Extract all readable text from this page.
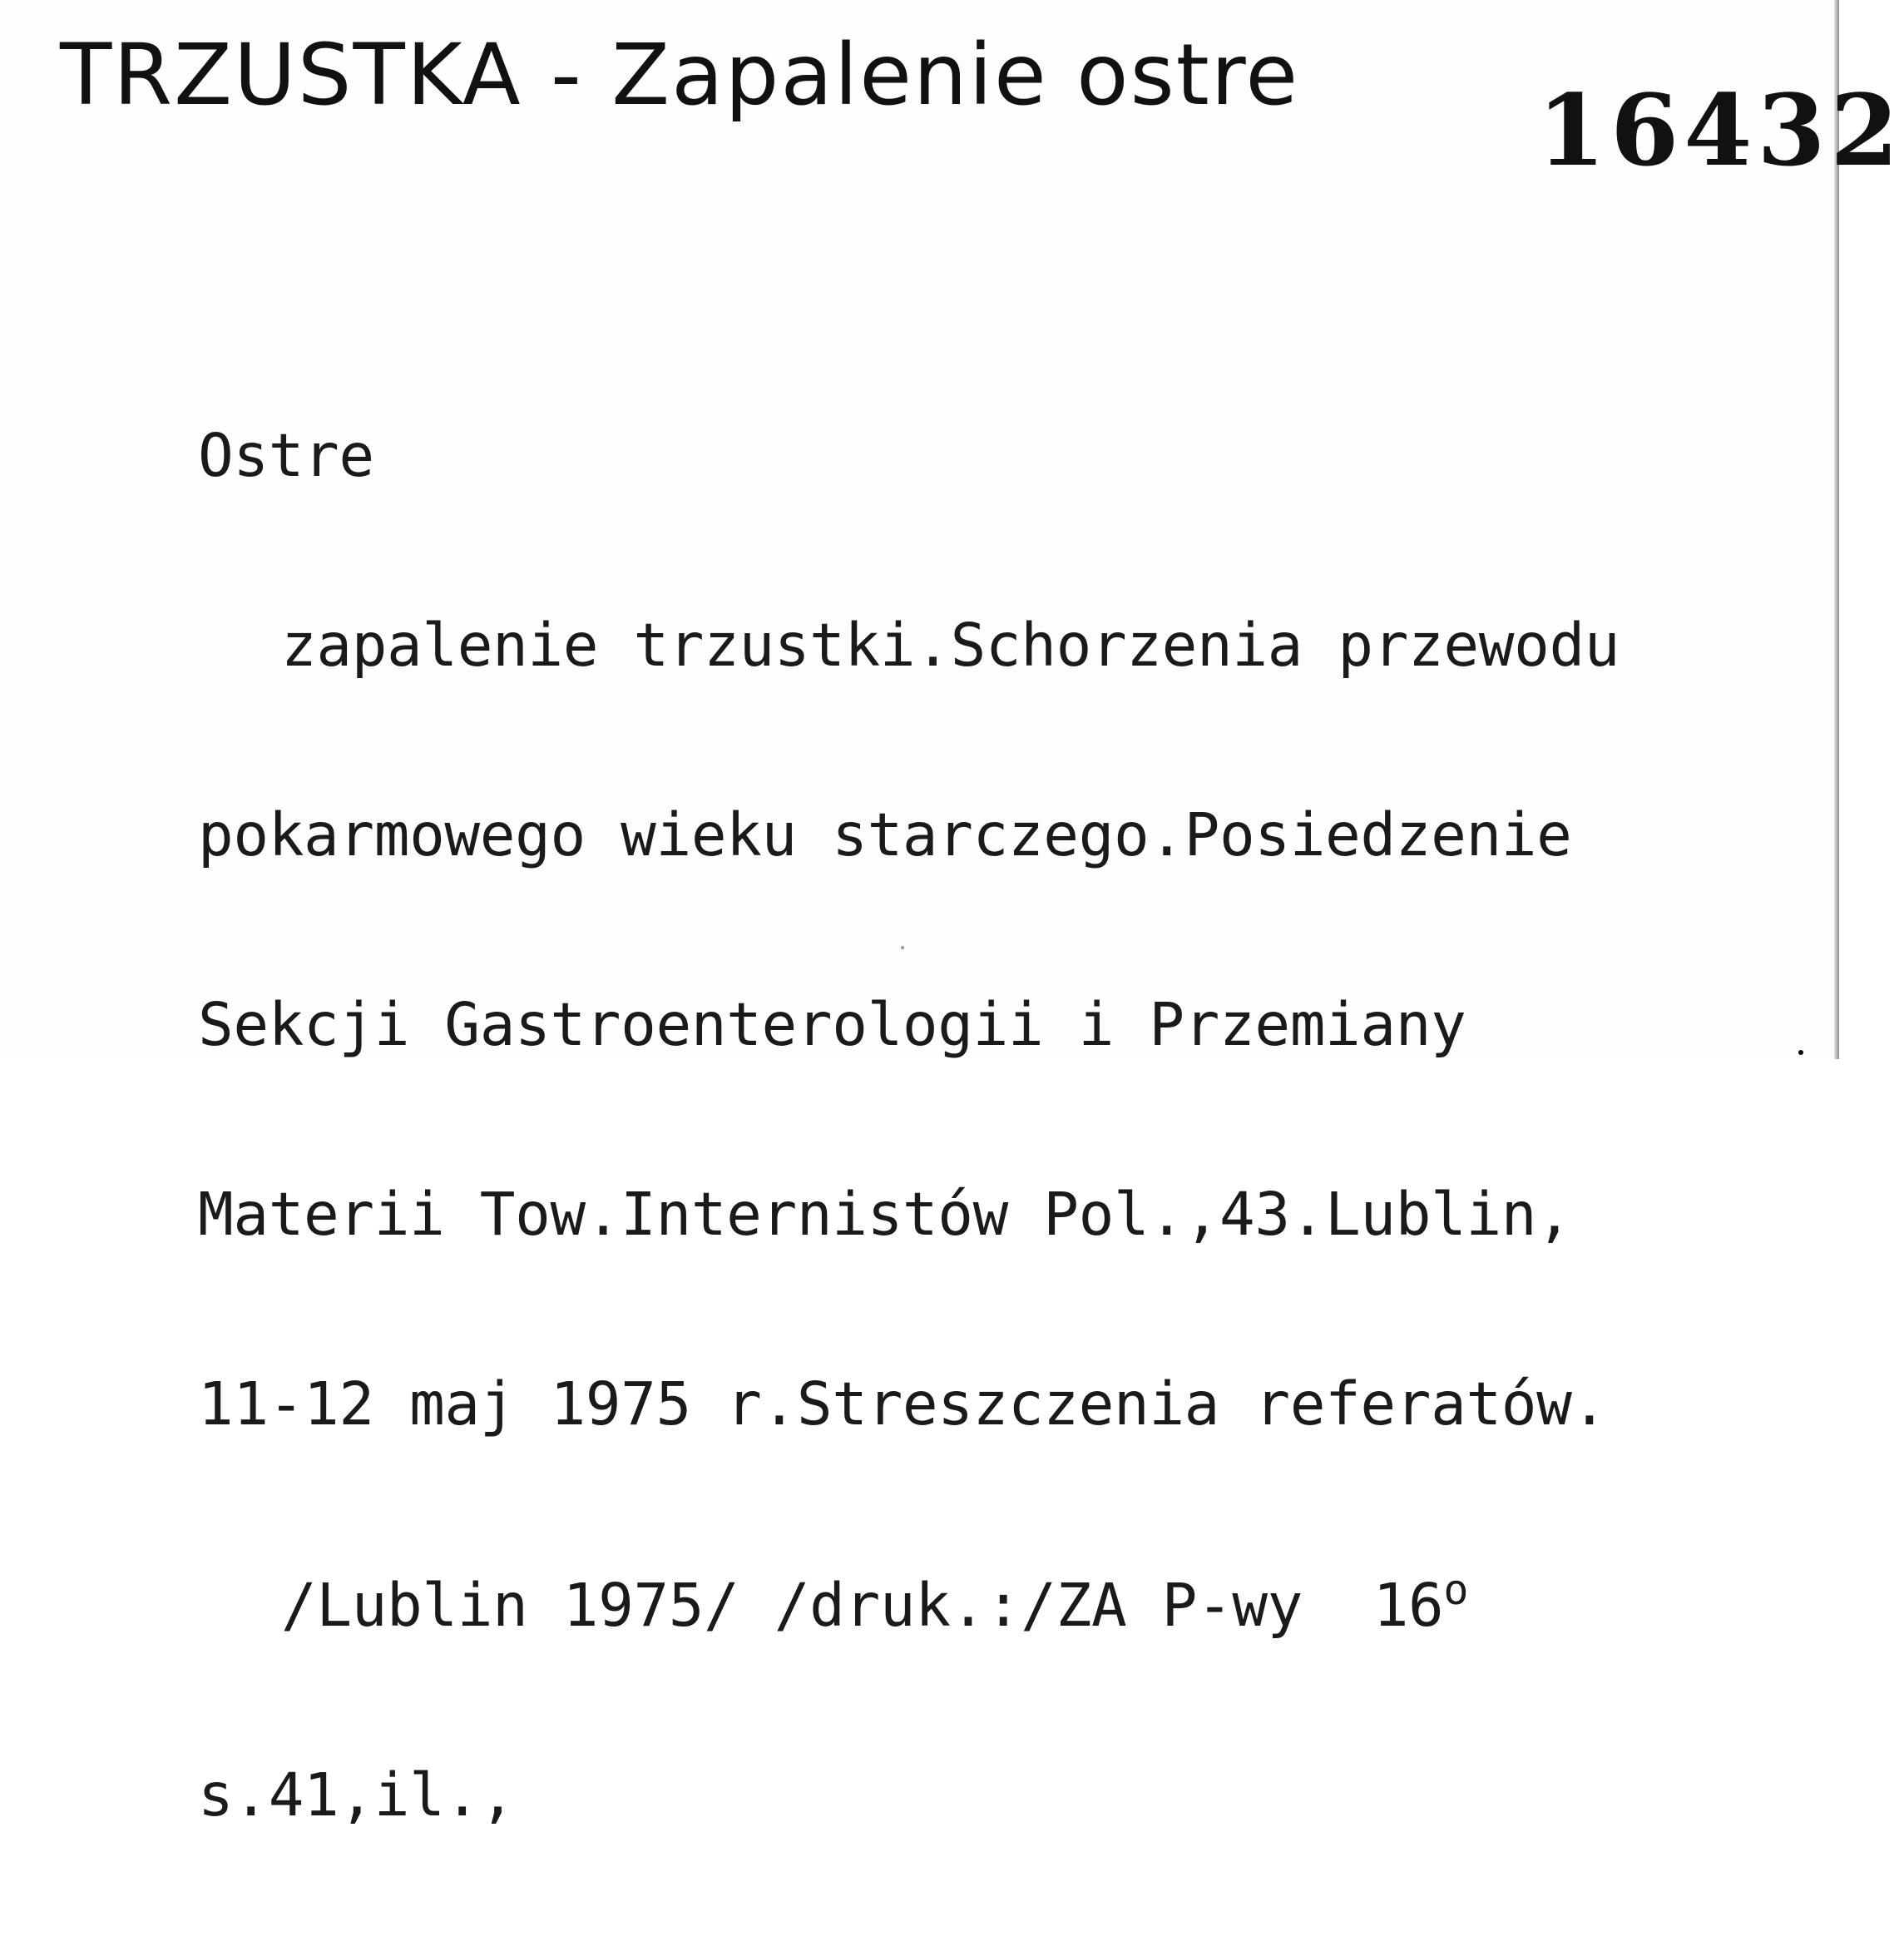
TRZUSTKA - Zapalenie ostre 16432

Ostre

zapalenie trzustki.Schorzenia przewodu

pokarmowego wieku starczego.Posiedzenie

Sekcji Gastroenterologii i Przemiany

Materii Tow.Internistów Pol.,43.Lublin,

11-12 maj 1975 r.Streszczenia referatów.

/Lublin 1975/ /druk.:/ZA P-wy  16$^o$

s.41,il.,
